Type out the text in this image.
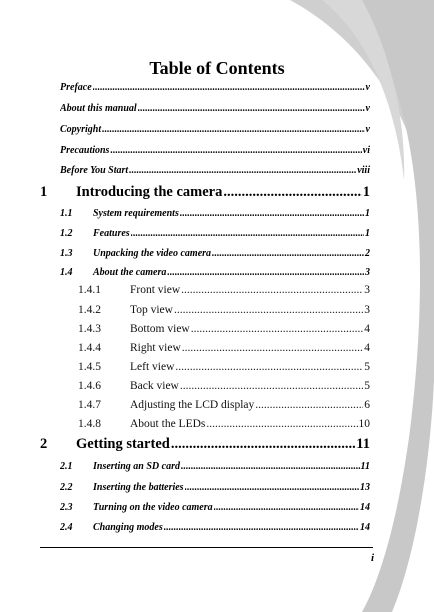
Table of Contents
Preface .....	v
About this manual .....	v
Copyright .....	v
Precautions .....	vi
Before You Start .....	viii
1	Introducing the camera .....	1
1.1	System requirements .....	1
1.2	Features .....	1
1.3	Unpacking the video camera .....	2
1.4	About the camera .....	3
1.4.1	Front view .....	3
1.4.2	Top view .....	3
1.4.3	Bottom view .....	4
1.4.4	Right view .....	4
1.4.5	Left view .....	5
1.4.6	Back view .....	5
1.4.7	Adjusting the LCD display .....	6
1.4.8	About the LEDs .....	10
2	Getting started .....	11
2.1	Inserting an SD card .....	11
2.2	Inserting the batteries .....	13
2.3	Turning on the video camera .....	14
2.4	Changing modes .....	14
i
